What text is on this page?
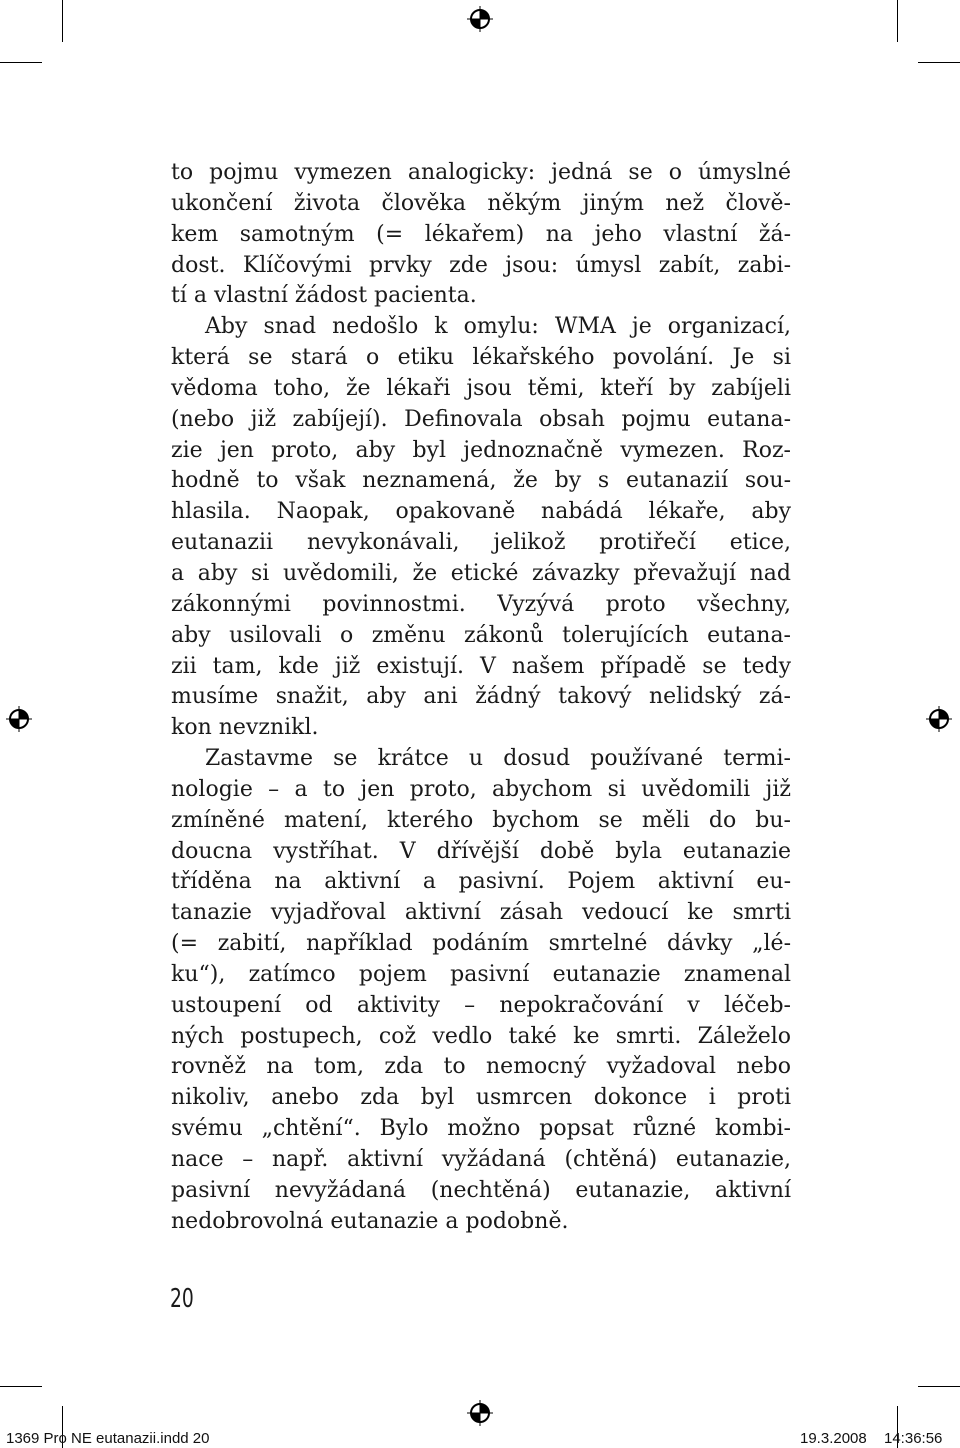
to pojmu vymezen analogicky: jedná se o úmyslné
ukončení života člověka někým jiným než člově-
kem samotným (= lékařem) na jeho vlastní žá-
dost. Klíčovými prvky zde jsou: úmysl zabít, zabi-
tí a vlastní žádost pacienta.
Aby snad nedošlo k omylu: WMA je organizací,
která se stará o etiku lékařského povolání. Je si
vědoma toho, že lékaři jsou těmi, kteří by zabíjeli
(nebo již zabíjejí). Definovala obsah pojmu eutana-
zie jen proto, aby byl jednoznačně vymezen. Roz-
hodně to však neznamená, že by s eutanazií sou-
hlasila. Naopak, opakovaně nabádá lékaře, aby
eutanazii nevykonávali, jelikož protiřečí etice,
a aby si uvědomili, že etické závazky převažují nad
zákonnými povinnostmi. Vyzývá proto všechny,
aby usilovali o změnu zákonů tolerujících eutana-
zii tam, kde již existují. V našem případě se tedy
musíme snažit, aby ani žádný takový nelidský zá-
kon nevznikl.
Zastavme se krátce u dosud používané termi-
nologie – a to jen proto, abychom si uvědomili již
zmíněné matení, kterého bychom se měli do bu-
doucna vystříhat. V dřívější době byla eutanazie
tříděna na aktivní a pasivní. Pojem aktivní eu-
tanazie vyjadřoval aktivní zásah vedoucí ke smrti
(= zabití, například podáním smrtelné dávky „lé-
ku“), zatímco pojem pasivní eutanazie znamenal
ustoupení od aktivity – nepokračování v léčeb-
ných postupech, což vedlo také ke smrti. Záleželo
rovněž na tom, zda to nemocný vyžadoval nebo
nikoliv, anebo zda byl usmrcen dokonce i proti
svému „chtění“. Bylo možno popsat různé kombi-
nace – např. aktivní vyžádaná (chtěná) eutanazie,
pasivní nevyžádaná (nechtěná) eutanazie, aktivní
nedobrovolná eutanazie a podobně.
20
1369 Pro NE eutanazii.indd 20	19.3.2008 14:36:56
